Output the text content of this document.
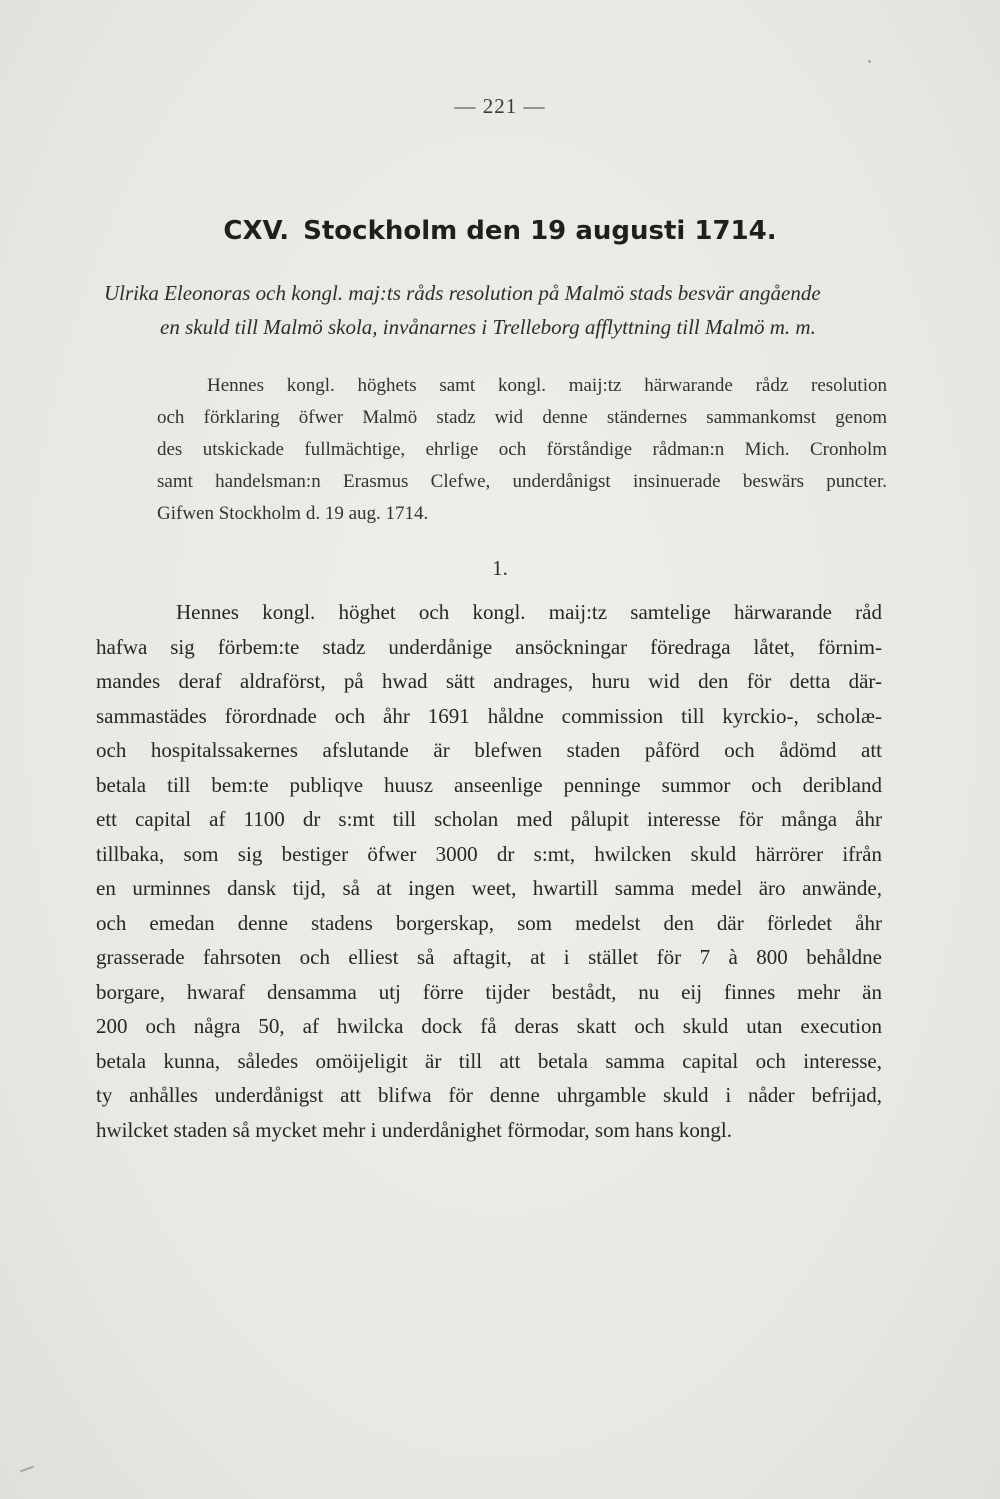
— 221 —
CXV. Stockholm den 19 augusti 1714.
Ulrika Eleonoras och kongl. maj:ts råds resolution på Malmö stads besvär angående
en skuld till Malmö skola, invånarnes i Trelleborg afflyttning till Malmö m. m.
Hennes kongl. höghets samt kongl. maij:tz härwarande rådz resolution
och förklaring öfwer Malmö stadz wid denne ständernes sammankomst genom
des utskickade fullmächtige, ehrlige och förståndige rådman:n Mich. Cronholm
samt handelsman:n Erasmus Clefwe, underdånigst insinuerade beswärs puncter.
Gifwen Stockholm d. 19 aug. 1714.
1.
Hennes kongl. höghet och kongl. maij:tz samtelige härwarande råd
hafwa sig förbem:te stadz underdånige ansöckningar föredraga låtet, förnim-
mandes deraf aldraförst, på hwad sätt andrages, huru wid den för detta där-
sammastädes förordnade och åhr 1691 håldne commission till kyrckio-, scholæ-
och hospitalssakernes afslutande är blefwen staden påförd och ådömd att
betala till bem:te publiqve huusz anseenlige penninge summor och deribland
ett capital af 1100 dr s:mt till scholan med pålupit interesse för många åhr
tillbaka, som sig bestiger öfwer 3000 dr s:mt, hwilcken skuld härrörer ifrån
en urminnes dansk tijd, så at ingen weet, hwartill samma medel äro anwände,
och emedan denne stadens borgerskap, som medelst den där förledet åhr
grasserade fahrsoten och elliest så aftagit, at i stället för 7 à 800 behåldne
borgare, hwaraf densamma utj förre tijder bestådt, nu eij finnes mehr än
200 och några 50, af hwilcka dock få deras skatt och skuld utan execution
betala kunna, således omöijeligit är till att betala samma capital och interesse,
ty anhålles underdånigst att blifwa för denne uhrgamble skuld i nåder befrijad,
hwilcket staden så mycket mehr i underdånighet förmodar, som hans kongl.
